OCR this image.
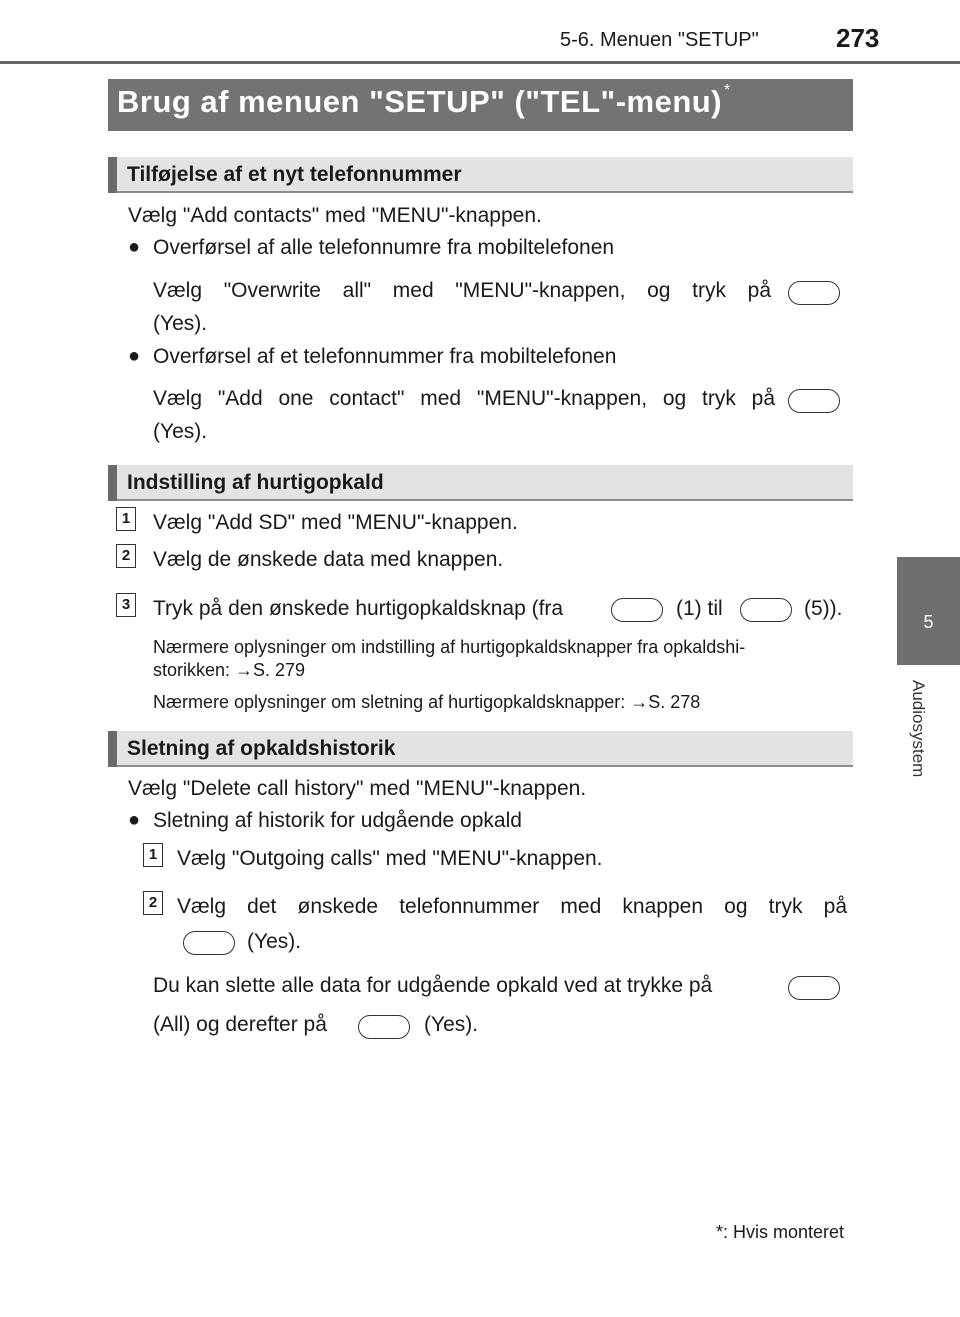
5-6. Menuen "SETUP"	273
5
Audiosystem
Brug af menuen "SETUP" ("TEL"-menu) *
Tilføjelse af et nyt telefonnummer
Vælg "Add contacts" med "MENU"-knappen.
● Overførsel af alle telefonnumre fra mobiltelefonen
Vælg "Overwrite all" med "MENU"-knappen, og tryk på
(Yes).
● Overførsel af et telefonnummer fra mobiltelefonen
Vælg "Add one contact" med "MENU"-knappen, og tryk på
(Yes).
Indstilling af hurtigopkald
1 Vælg "Add SD" med "MENU"-knappen.
2 Vælg de ønskede data med knappen.
3 Tryk på den ønskede hurtigopkaldsknap (fra	(1) til	(5)).
Nærmere oplysninger om indstilling af hurtigopkaldsknapper fra opkaldshi-
storikken: →S. 279
Nærmere oplysninger om sletning af hurtigopkaldsknapper: →S. 278
Sletning af opkaldshistorik
Vælg "Delete call history" med "MENU"-knappen.
● Sletning af historik for udgående opkald
1 Vælg "Outgoing calls" med "MENU"-knappen.
2 Vælg det ønskede telefonnummer med knappen og tryk på
(Yes).
Du kan slette alle data for udgående opkald ved at trykke på
(All) og derefter på	(Yes).
*: Hvis monteret
